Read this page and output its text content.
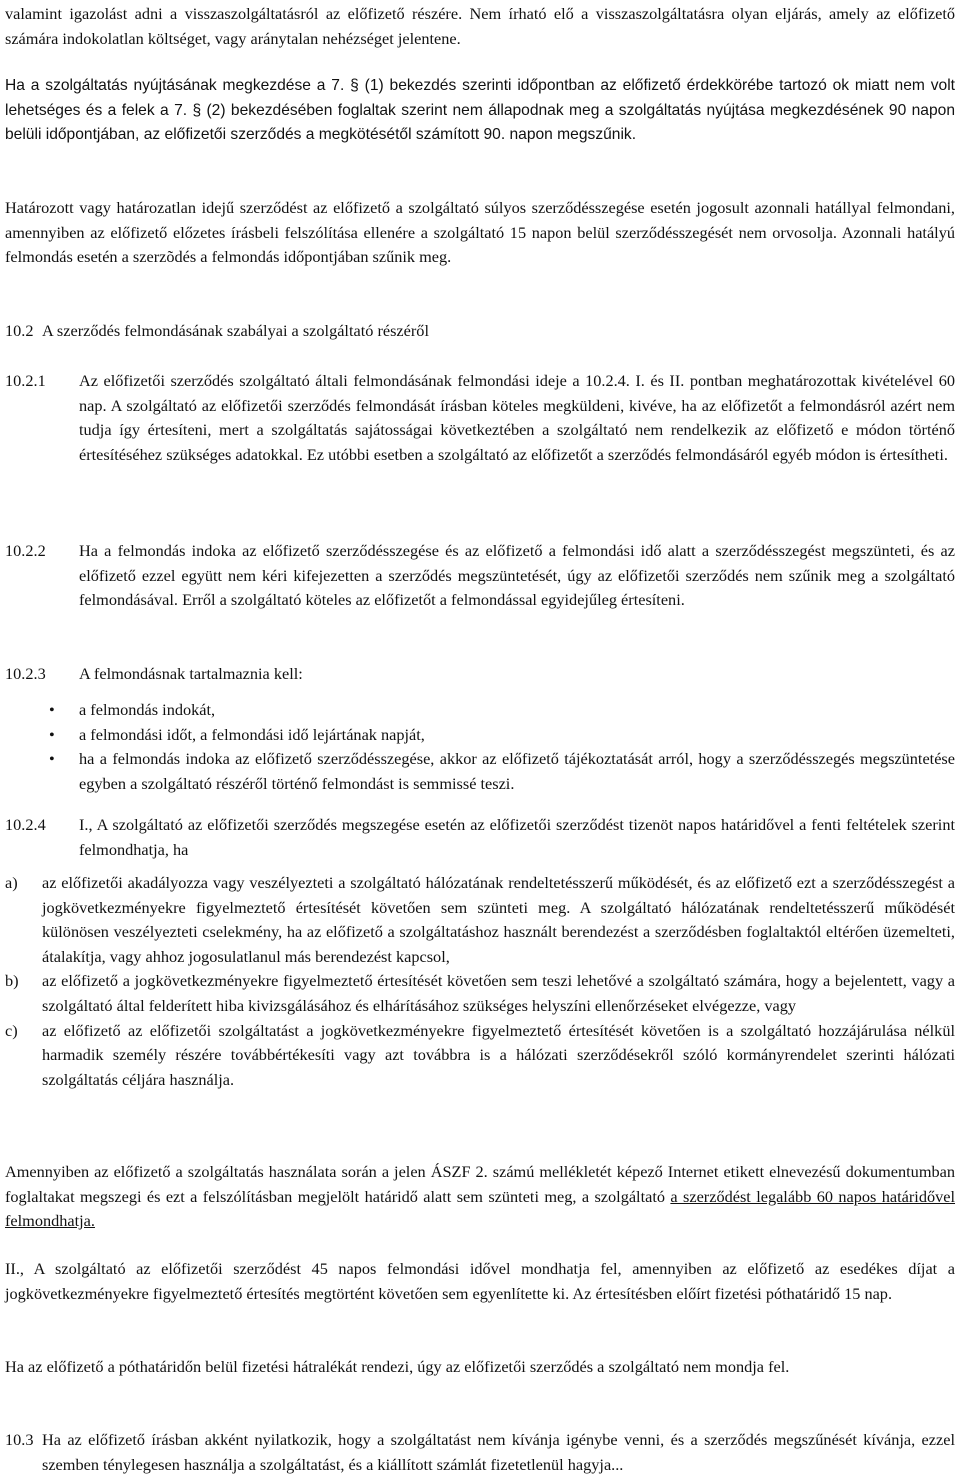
valamint igazolást adni a visszaszolgáltatásról az előfizető részére. Nem írható elő a visszaszolgáltatásra olyan eljárás, amely az előfizető számára indokolatlan költséget, vagy aránytalan nehézséget jelentene.

Ha a szolgáltatás nyújtásának megkezdése a 7. § (1) bekezdés szerinti időpontban az előfizető érdekkörébe tartozó ok miatt nem volt lehetséges és a felek a 7. § (2) bekezdésében foglaltak szerint nem állapodnak meg a szolgáltatás nyújtása megkezdésének 90 napon belüli időpontjában, az előfizetői szerződés a megkötésétől számított 90. napon megszűnik.

Határozott vagy határozatlan idejű szerződést az előfizető a szolgáltató súlyos szerződésszegése esetén jogosult azonnali hatállyal felmondani, amennyiben az előfizető előzetes írásbeli felszólítása ellenére a szolgáltató 15 napon belül szerződésszegését nem orvosolja. Azonnali hatályú felmondás esetén a szerzõdés a felmondás időpontjában szűnik meg.

10.2 A szerződés felmondásának szabályai a szolgáltató részéről
10.2.1 Az előfizetői szerződés szolgáltató általi felmondásának felmondási ideje a 10.2.4. I. és II. pontban meghatározottak kivételével 60 nap. A szolgáltató az előfizetői szerződés felmondását írásban köteles megküldeni, kivéve, ha az előfizetőt a felmondásról azért nem tudja így értesíteni, mert a szolgáltatás sajátosságai következtében a szolgáltató nem rendelkezik az előfizető e módon történő értesítéséhez szükséges adatokkal. Ez utóbbi esetben a szolgáltató az előfizetőt a szerződés felmondásáról egyéb módon is értesítheti.

10.2.2 Ha a felmondás indoka az előfizető szerződésszegése és az előfizető a felmondási idő alatt a szerződésszegést megszünteti, és az előfizető ezzel együtt nem kéri kifejezetten a szerződés megszüntetését, úgy az előfizetői szerződés nem szűnik meg a szolgáltató felmondásával. Erről a szolgáltató köteles az előfizetőt a felmondással egyidejűleg értesíteni.

10.2.3 A felmondásnak tartalmaznia kell:

• a felmondás indokát,
• a felmondási időt, a felmondási idő lejártának napját,
• ha a felmondás indoka az előfizető szerződésszegése, akkor az előfizető tájékoztatását arról, hogy a szerződésszegés megszüntetése egyben a szolgáltató részéről történő felmondást is semmissé teszi.
10.2.4 I., A szolgáltató az előfizetői szerződés megszegése esetén az előfizetői szerződést tizenöt napos határidővel a fenti feltételek szerint felmondhatja, ha

a) az előfizetői akadályozza vagy veszélyezteti a szolgáltató hálózatának rendeltetésszerű működését, és az előfizető ezt a szerződésszegést a jogkövetkezményekre figyelmeztető értesítését követően sem szünteti meg. A szolgáltató hálózatának rendeltetésszerű működését különösen veszélyezteti cselekmény, ha az előfizető a szolgáltatáshoz használt berendezést a szerződésben foglaltaktól eltérően üzemelteti, átalakítja, vagy ahhoz jogosulatlanul más berendezést kapcsol,
b) az előfizető a jogkövetkezményekre figyelmeztető értesítését követően sem teszi lehetővé a szolgáltató számára, hogy a bejelentett, vagy a szolgáltató által felderített hiba kivizsgálásához és elhárításához szükséges helyszíni ellenőrzéseket elvégezze, vagy
c) az előfizető az előfizetői szolgáltatást a jogkövetkezményekre figyelmeztető értesítését követően is a szolgáltató hozzájárulása nélkül harmadik személy részére továbbértékesíti vagy azt továbbra is a hálózati szerződésekről szóló kormányrendelet szerinti hálózati szolgáltatás céljára használja.

Amennyiben az előfizető a szolgáltatás használata során a jelen ÁSZF 2. számú mellékletét képező Internet etikett elnevezésű dokumentumban foglaltakat megszegi és ezt a felszólításban megjelölt határidő alatt sem szünteti meg, a szolgáltató a szerződést legalább 60 napos határidővel felmondhatja.

II., A szolgáltató az előfizetői szerződést 45 napos felmondási idővel mondhatja fel, amennyiben az előfizető az esedékes díjat a jogkövetkezményekre figyelmeztető értesítés megtörtént követően sem egyenlítette ki. Az értesítésben előírt fizetési póthatáridő 15 nap.

Ha az előfizető a póthatáridőn belül fizetési hátralékát rendezi, úgy az előfizetői szerződés a szolgáltató nem mondja fel.

10.3 Ha az előfizető írásban akként nyilatkozik, hogy a szolgáltatást nem kívánja igénybe venni, és a szerződés megszűnését kívánja, ezzel szemben ténylegesen használja a szolgáltatást, és a kiállított számlát fizetetlenül hagyja...
